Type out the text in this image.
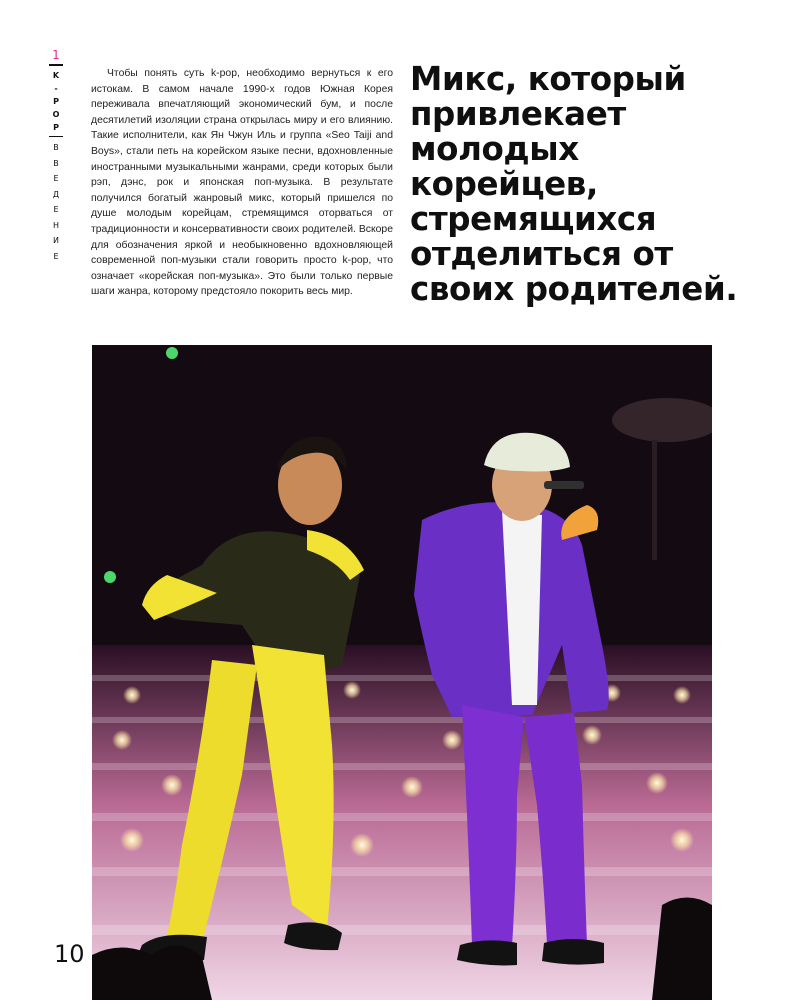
1
K
-
P
O
P
В
В
Е
Д
Е
Н
И
Е

Чтобы понять суть k-pop, необходимо вернуться к его истокам. В самом начале 1990-х годов Южная Корея переживала впечатляющий экономический бум, и после десятилетий изоляции страна открылась миру и его влиянию. Такие исполнители, как Ян Чжун Иль и группа «Seo Taiji and Boys», стали петь на корейском языке песни, вдохновленные иностранными музыкальными жанрами, среди которых были рэп, дэнс, рок и японская поп-музыка. В результате получился богатый жанровый микс, который пришелся по душе молодым корейцам, стремящимся оторваться от традиционности и консервативности своих родителей. Вскоре для обозначения яркой и необыкновенно вдохновляющей современной поп-музыки стали говорить просто k-pop, что означает «корейская поп-музыка». Это были только первые шаги жанра, которому предстояло покорить весь мир.

Микс, который привлекает молодых корейцев, стремящихся отделиться от своих родителей.
10
